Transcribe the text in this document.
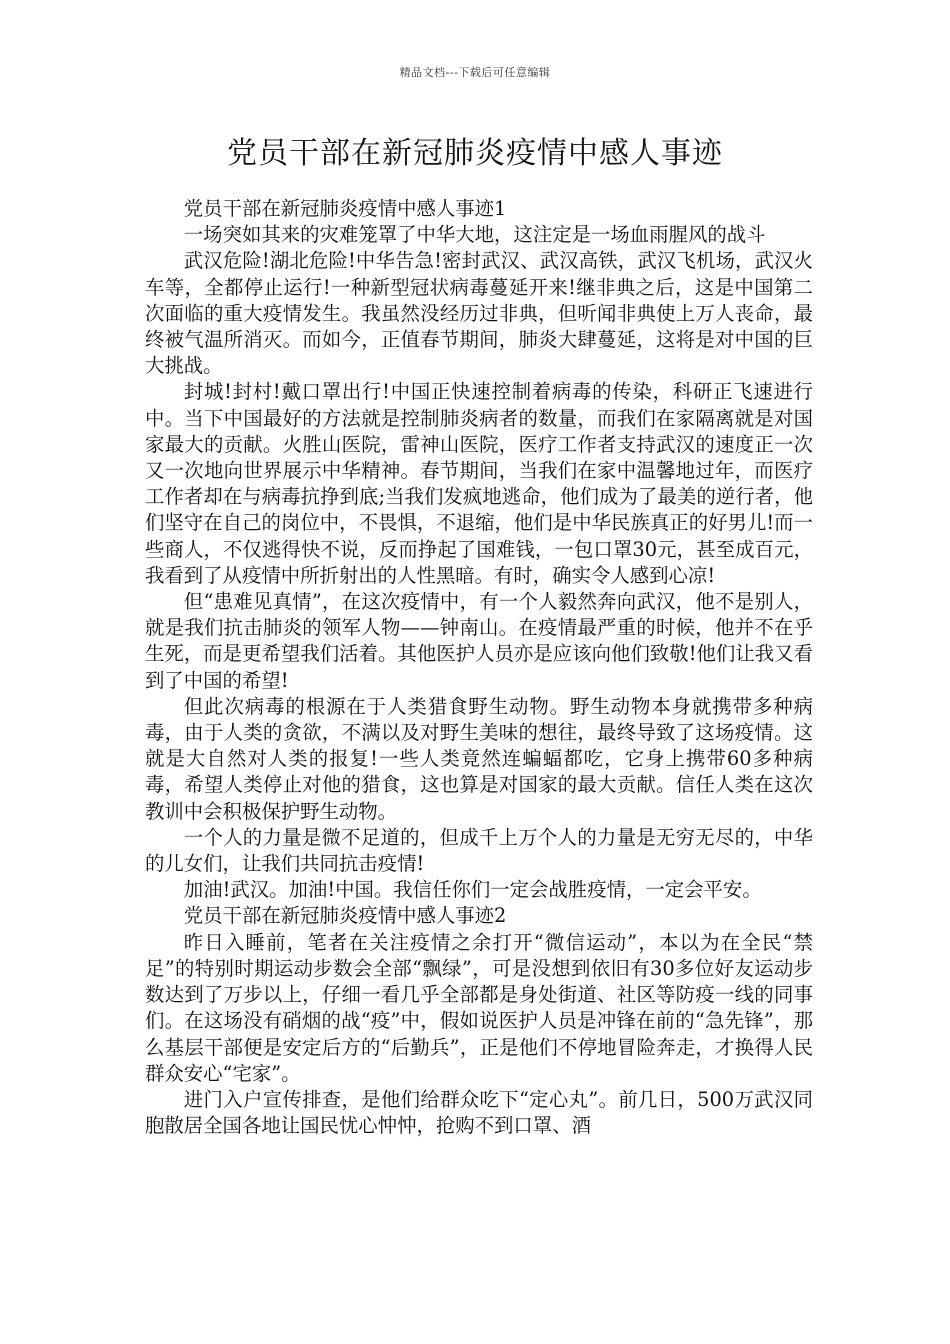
精品文档---下载后可任意编辑
党员干部在新冠肺炎疫情中感人事迹

党员干部在新冠肺炎疫情中感人事迹1

一场突如其来的灾难笼罩了中华大地，这注定是一场血雨腥风的战斗

武汉危险!湖北危险!中华告急!密封武汉、武汉高铁，武汉飞机场，武汉火车等，全都停止运行!一种新型冠状病毒蔓延开来!继非典之后，这是中国第二次面临的重大疫情发生。我虽然没经历过非典，但听闻非典使上万人丧命，最终被气温所消灭。而如今，正值春节期间，肺炎大肆蔓延，这将是对中国的巨大挑战。

封城!封村!戴口罩出行!中国正快速控制着病毒的传染，科研正飞速进行中。当下中国最好的方法就是控制肺炎病者的数量，而我们在家隔离就是对国家最大的贡献。火胜山医院，雷神山医院，医疗工作者支持武汉的速度正一次又一次地向世界展示中华精神。春节期间，当我们在家中温馨地过年，而医疗工作者却在与病毒抗挣到底;当我们发疯地逃命，他们成为了最美的逆行者，他们坚守在自己的岗位中，不畏惧，不退缩，他们是中华民族真正的好男儿!而一些商人，不仅逃得快不说，反而挣起了国难钱，一包口罩30元，甚至成百元，我看到了从疫情中所折射出的人性黑暗。有时，确实令人感到心凉!

但“患难见真情”，在这次疫情中，有一个人毅然奔向武汉，他不是别人，就是我们抗击肺炎的领军人物——钟南山。在疫情最严重的时候，他并不在乎生死，而是更希望我们活着。其他医护人员亦是应该向他们致敬!他们让我又看到了中国的希望!

但此次病毒的根源在于人类猎食野生动物。野生动物本身就携带多种病毒，由于人类的贪欲，不满以及对野生美味的想往，最终导致了这场疫情。这就是大自然对人类的报复!一些人类竟然连蝙蝠都吃，它身上携带60多种病毒，希望人类停止对他的猎食，这也算是对国家的最大贡献。信任人类在这次教训中会积极保护野生动物。

一个人的力量是微不足道的，但成千上万个人的力量是无穷无尽的，中华的儿女们，让我们共同抗击疫情!

加油!武汉。加油!中国。我信任你们一定会战胜疫情，一定会平安。

党员干部在新冠肺炎疫情中感人事迹2

昨日入睡前，笔者在关注疫情之余打开“微信运动”，本以为在全民“禁足”的特别时期运动步数会全部“飘绿”，可是没想到依旧有30多位好友运动步数达到了万步以上，仔细一看几乎全部都是身处街道、社区等防疫一线的同事们。在这场没有硝烟的战“疫”中，假如说医护人员是冲锋在前的“急先锋”，那么基层干部便是安定后方的“后勤兵”，正是他们不停地冒险奔走，才换得人民群众安心“宅家”。

进门入户宣传排查，是他们给群众吃下“定心丸”。前几日，500万武汉同胞散居全国各地让国民忧心忡忡，抢购不到口罩、酒
